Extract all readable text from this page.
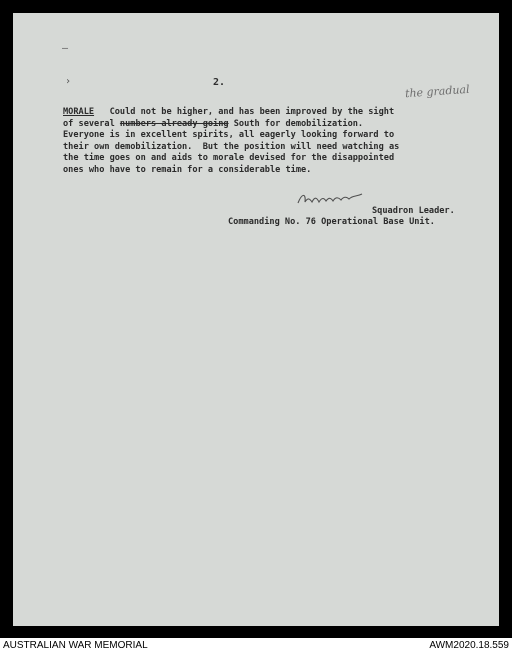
–
›	2.
the gradual
MORALE   Could not be higher, and has been improved by the sight
of several numbers already going South for demobilization.
Everyone is in excellent spirits, all eagerly looking forward to
their own demobilization.  But the position will need watching as
the time goes on and aids to morale devised for the disappointed
ones who have to remain for a considerable time.
Squadron Leader.
Commanding No. 76 Operational Base Unit.
AUSTRALIAN WAR MEMORIAL	AWM2020.18.559
